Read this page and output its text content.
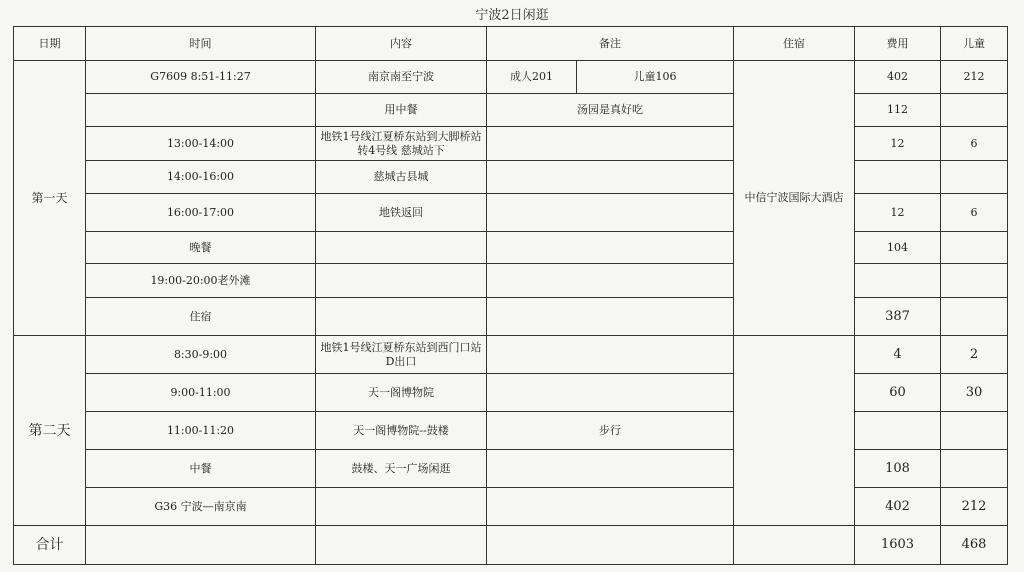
宁波2日闲逛
日期	时间	内容	备注		住宿	费用	儿童
第一天	G7609 8:51-11:27	南京南至宁波	成人201	儿童106	中信宁波国际大酒店	402	212
		用中餐	汤园是真好吃			112	
	13:00-14:00	地铁1号线江夏桥东站到大脚桥站转4号线 慈城站下				12	6
	14:00-16:00	慈城古县城					
	16:00-17:00	地铁返回				12	6
	晚餐					104	
	19:00-20:00老外滩						
	住宿					387	
第二天	8:30-9:00	地铁1号线江夏桥东站到西门口站 D出口				4	2
	9:00-11:00	天一阁博物院				60	30
	11:00-11:20	天一阁博物院--鼓楼	步行				
	中餐	鼓楼、天一广场闲逛				108	
	G36 宁波—南京南					402	212
合计						1603	468
